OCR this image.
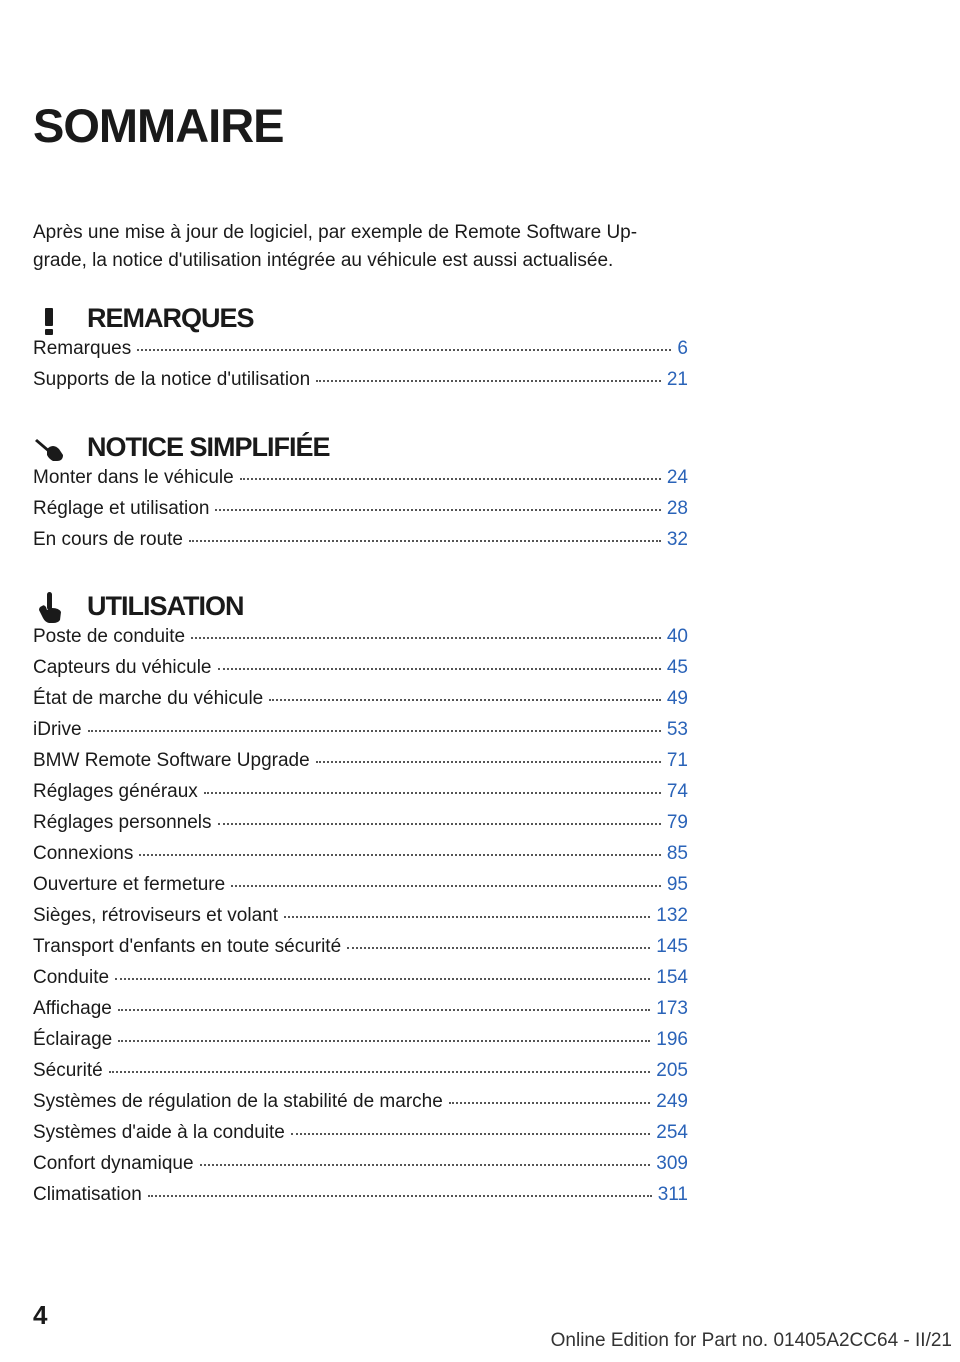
SOMMAIRE

Après une mise à jour de logiciel, par exemple de Remote Software Up-grade, la notice d'utilisation intégrée au véhicule est aussi actualisée.

REMARQUES
Remarques	6
Supports de la notice d'utilisation	21
NOTICE SIMPLIFIÉE
Monter dans le véhicule	24
Réglage et utilisation	28
En cours de route	32
UTILISATION
Poste de conduite	40
Capteurs du véhicule	45
État de marche du véhicule	49
iDrive	53
BMW Remote Software Upgrade	71
Réglages généraux	74
Réglages personnels	79
Connexions	85
Ouverture et fermeture	95
Sièges, rétroviseurs et volant	132
Transport d'enfants en toute sécurité	145
Conduite	154
Affichage	173
Éclairage	196
Sécurité	205
Systèmes de régulation de la stabilité de marche	249
Systèmes d'aide à la conduite	254
Confort dynamique	309
Climatisation	311

4

Online Edition for Part no. 01405A2CC64 - II/21
